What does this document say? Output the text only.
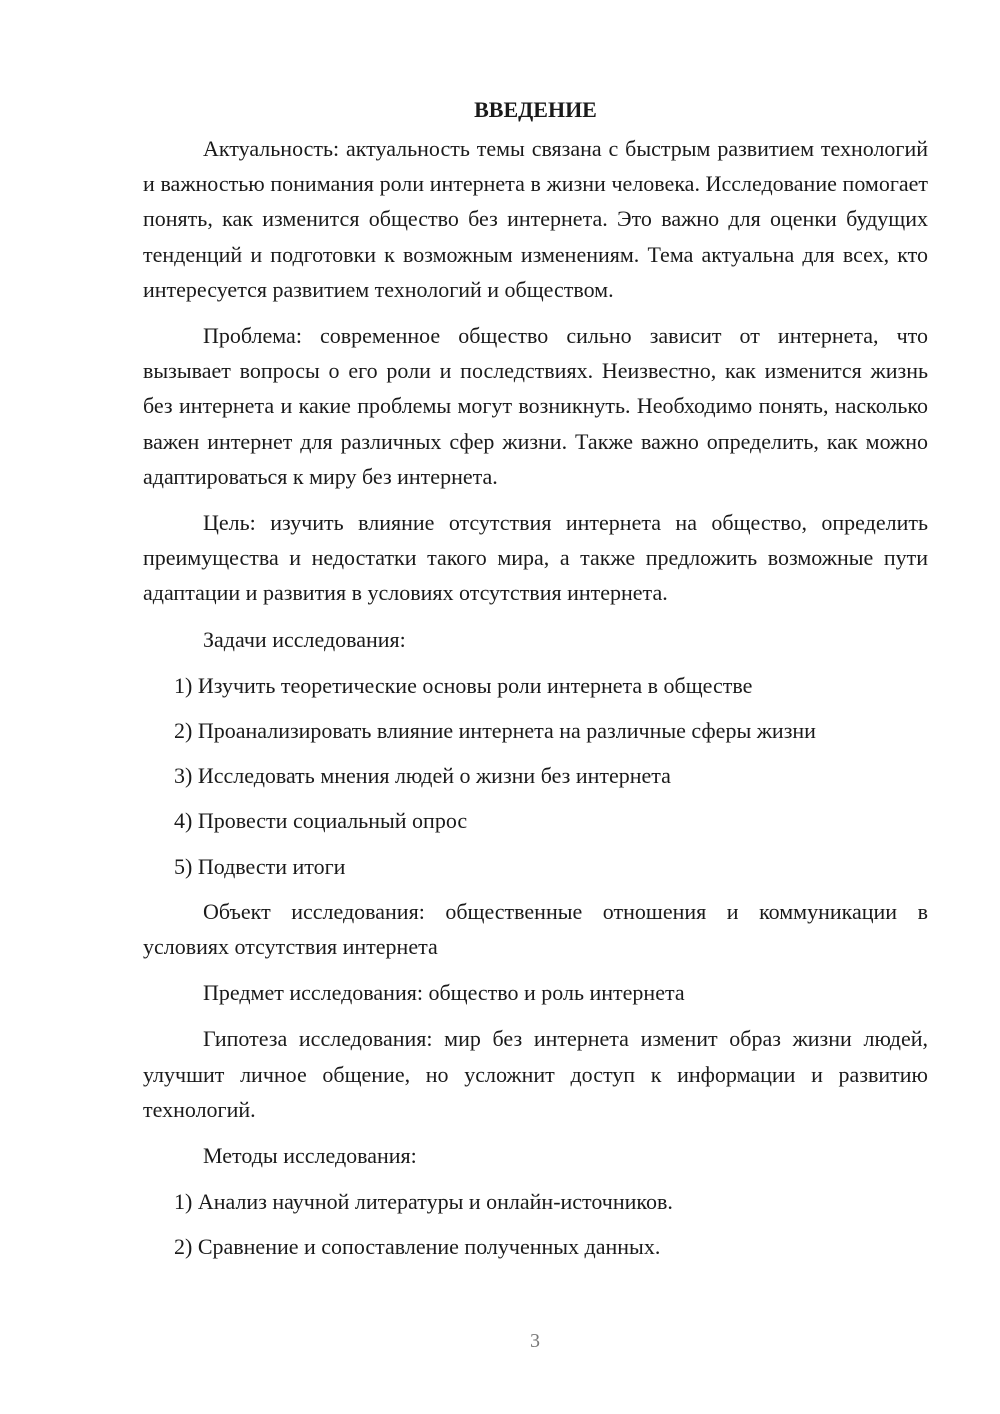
ВВЕДЕНИЕ

Актуальность: актуальность темы связана с быстрым развитием технологий и важностью понимания роли интернета в жизни человека. Исследование помогает понять, как изменится общество без интернета. Это важно для оценки будущих тенденций и подготовки к возможным изменениям. Тема актуальна для всех, кто интересуется развитием технологий и обществом.

Проблема: современное общество сильно зависит от интернета, что вызывает вопросы о его роли и последствиях. Неизвестно, как изменится жизнь без интернета и какие проблемы могут возникнуть. Необходимо понять, насколько важен интернет для различных сфер жизни. Также важно определить, как можно адаптироваться к миру без интернета.

Цель: изучить влияние отсутствия интернета на общество, определить преимущества и недостатки такого мира, а также предложить возможные пути адаптации и развития в условиях отсутствия интернета.

Задачи исследования:

1) Изучить теоретические основы роли интернета в обществе
2) Проанализировать влияние интернета на различные сферы жизни
3) Исследовать мнения людей о жизни без интернета
4) Провести социальный опрос
5) Подвести итоги

Объект исследования: общественные отношения и коммуникации в условиях отсутствия интернета

Предмет исследования: общество и роль интернета

Гипотеза исследования: мир без интернета изменит образ жизни людей, улучшит личное общение, но усложнит доступ к информации и развитию технологий.

Методы исследования:

1) Анализ научной литературы и онлайн-источников.
2) Сравнение и сопоставление полученных данных.
3
